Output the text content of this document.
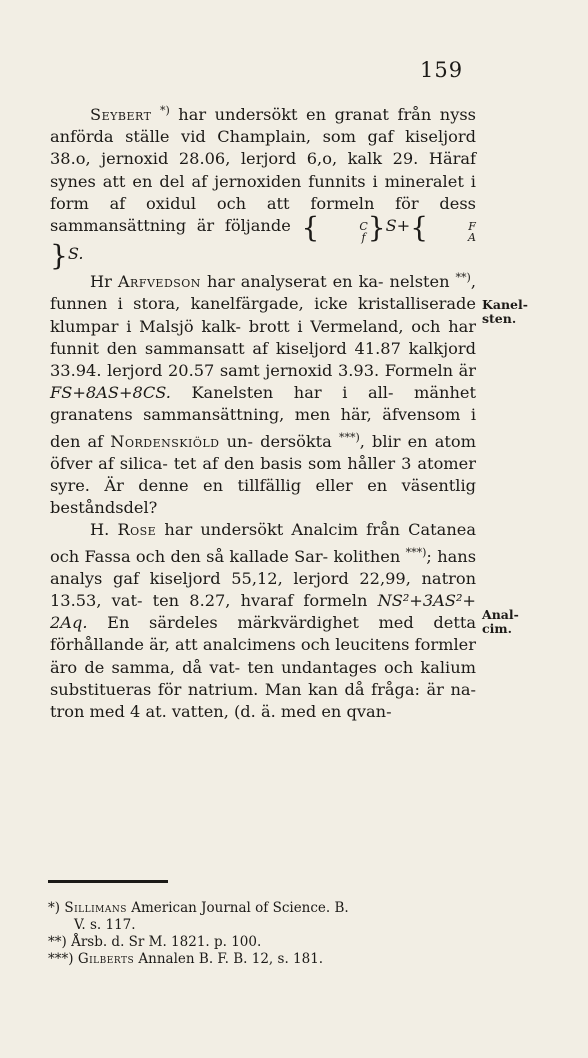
159

Seybert *) har undersökt en granat från nyss anförda ställe vid Champlain, som gaf kiseljord 38.o, jernoxid 28.06, lerjord 6,o, kalk 29. Häraf synes att en del af jernoxiden funnits i mineralet i form af oxidul och att formeln för dess sammansättning är följande {	C
f }S+{	F
A
}S.

Hr Arfvedson har analyserat en ka- nelsten **), funnen i stora, kanelfärgade, icke kristalliserade klumpar i Malsjö kalk- brott i Vermeland, och har funnit den sammansatt af kiseljord 41.87 kalkjord 33.94. lerjord 20.57 samt jernoxid 3.93. Formeln är FS+8AS+8CS. Kanelsten har i all- mänhet granatens sammansättning, men här, äfvensom i den af Nordenskiöld un- dersökta ***), blir en atom öfver af silica- tet af den basis som håller 3 atomer syre. Är denne en tillfällig eller en väsentlig beståndsdel?

H. Rose har undersökt Analcim från Catanea och Fassa och den så kallade Sar- kolithen ***); hans analys gaf kiseljord 55,12, lerjord 22,99, natron 13.53, vat- ten 8.27, hvaraf formeln NS²+3AS²+ 2Aq. En särdeles märkvärdighet med detta förhållande är, att analcimens och leucitens formler äro de samma, då vat- ten undantages och kalium substitueras för natrium. Man kan då fråga: är na- tron med 4 at. vatten, (d. ä. med en qvan-

Kanel-sten.
Anal-cim.

*) Sillimans American Journal of Science. B.

V. s. 117.

**) Årsb. d. Sr M. 1821. p. 100.

***) Gilberts Annalen B. F. B. 12, s. 181.
